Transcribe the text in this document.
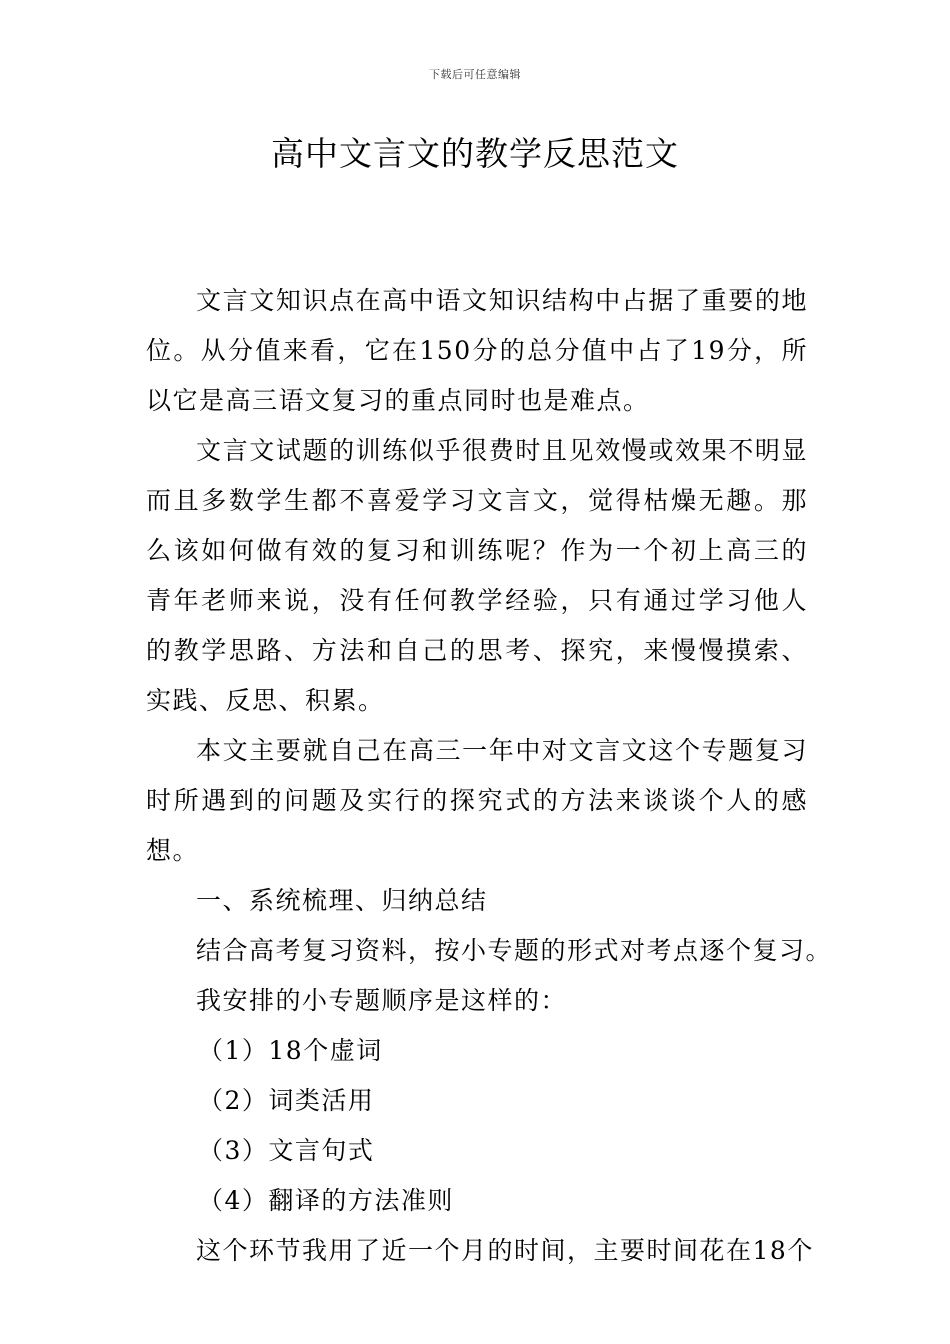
下载后可任意编辑
高中文言文的教学反思范文

文言文知识点在高中语文知识结构中占据了重要的地位。从分值来看，它在150分的总分值中占了19分，所以它是高三语文复习的重点同时也是难点。

文言文试题的训练似乎很费时且见效慢或效果不明显而且多数学生都不喜爱学习文言文，觉得枯燥无趣。那么该如何做有效的复习和训练呢？作为一个初上高三的青年老师来说，没有任何教学经验，只有通过学习他人的教学思路、方法和自己的思考、探究，来慢慢摸索、实践、反思、积累。

本文主要就自己在高三一年中对文言文这个专题复习时所遇到的问题及实行的探究式的方法来谈谈个人的感想。

一、系统梳理、归纳总结

结合高考复习资料，按小专题的形式对考点逐个复习。

我安排的小专题顺序是这样的：

（1）18个虚词

（2）词类活用

（3）文言句式

（4）翻译的方法准则

这个环节我用了近一个月的时间，主要时间花在18个
